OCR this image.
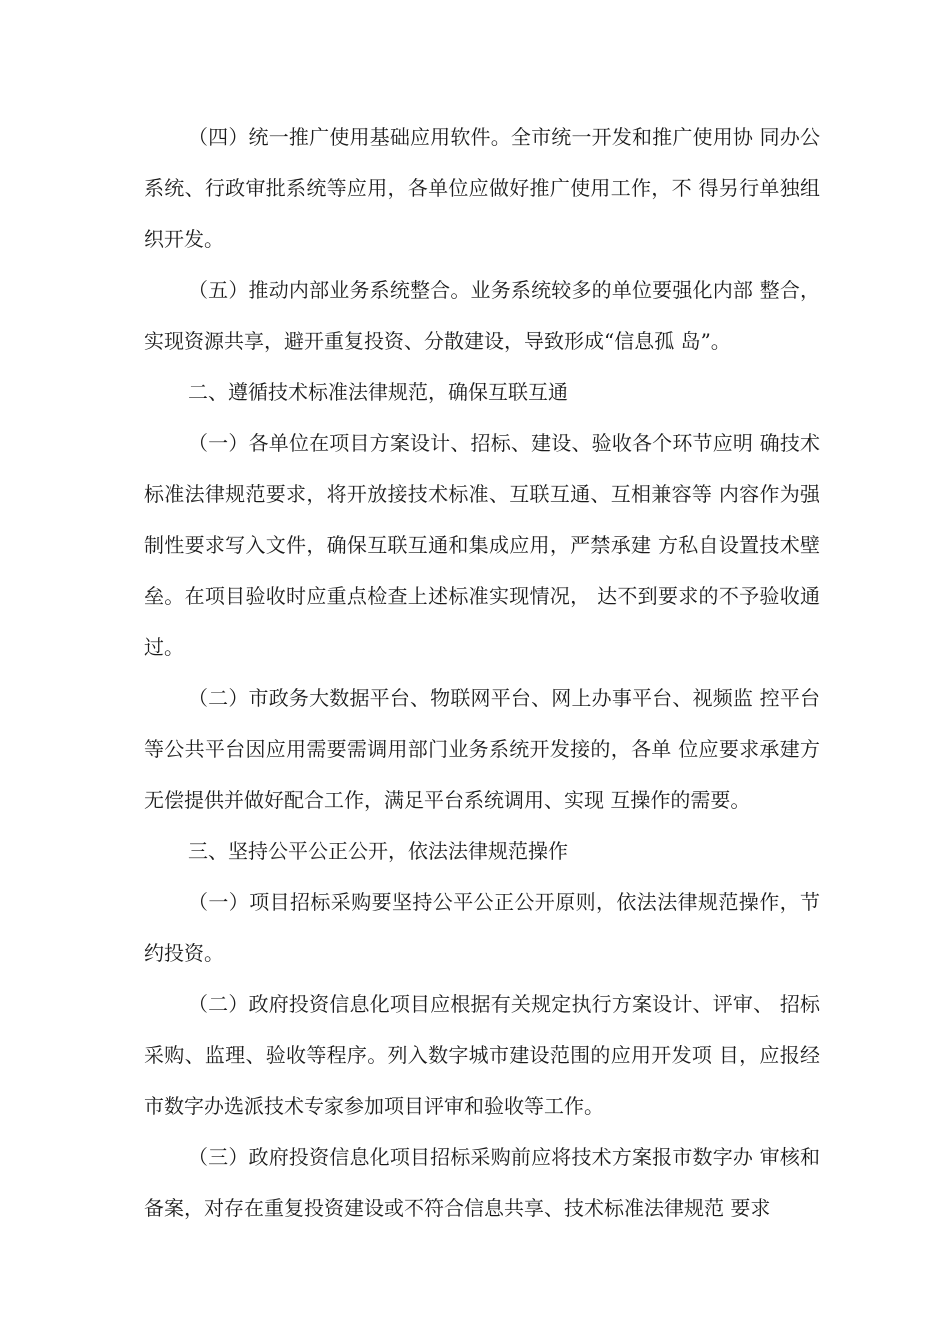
（四）统一推广使用基础应用软件。全市统一开发和推广使用协 同办公系统、行政审批系统等应用，各单位应做好推广使用工作，不 得另行单独组织开发。

（五）推动内部业务系统整合。业务系统较多的单位要强化内部 整合，实现资源共享，避开重复投资、分散建设，导致形成“信息孤 岛”。

二、遵循技术标准法律规范，确保互联互通

（一）各单位在项目方案设计、招标、建设、验收各个环节应明 确技术标准法律规范要求，将开放接技术标准、互联互通、互相兼容等 内容作为强制性要求写入文件，确保互联互通和集成应用，严禁承建 方私自设置技术壁垒。在项目验收时应重点检查上述标准实现情况， 达不到要求的不予验收通过。

（二）市政务大数据平台、物联网平台、网上办事平台、视频监 控平台等公共平台因应用需要需调用部门业务系统开发接的，各单 位应要求承建方无偿提供并做好配合工作，满足平台系统调用、实现 互操作的需要。

三、坚持公平公正公开，依法法律规范操作

（一）项目招标采购要坚持公平公正公开原则，依法法律规范操作，节约投资。

（二）政府投资信息化项目应根据有关规定执行方案设计、评审、 招标采购、监理、验收等程序。列入数字城市建设范围的应用开发项 目，应报经市数字办选派技术专家参加项目评审和验收等工作。

（三）政府投资信息化项目招标采购前应将技术方案报市数字办 审核和备案，对存在重复投资建设或不符合信息共享、技术标准法律规范 要求
